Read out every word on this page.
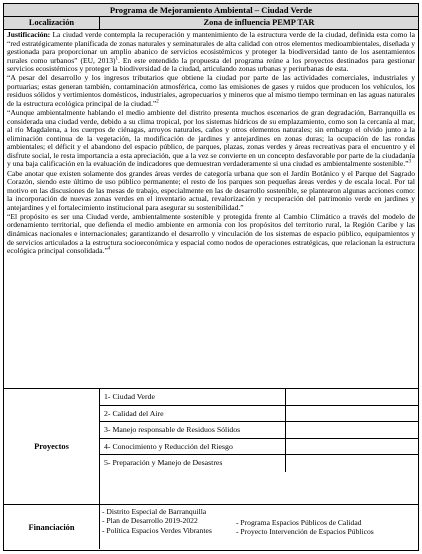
Programa de Mejoramiento Ambiental – Ciudad Verde
Localización	Zona de influencia PEMP TAR

Justificación: La ciudad verde contempla la recuperación y mantenimiento de la estructura verde de la ciudad, definida esta como la “red estratégicamente planificada de zonas naturales y seminaturales de alta calidad con otros elementos medioambientales, diseñada y gestionada para proporcionar un amplio abanico de servicios ecosistémicos y proteger la biodiversidad tanto de los asentamientos rurales como urbanos” (EU, 2013)$^1$. En este entendido la propuesta del programa reúne a los proyectos destinados para gestionar servicios ecosistémicos y proteger la biodiversidad de la ciudad, articulando zonas urbanas y periurbanas de esta.

“A pesar del desarrollo y los ingresos tributarios que obtiene la ciudad por parte de las actividades comerciales, industriales y portuarias; estas generan también, contaminación atmosférica, como las emisiones de gases y ruidos que producen los vehículos, los residuos sólidos y vertimientos domésticos, industriales, agropecuarios y mineros que al mismo tiempo terminan en las aguas naturales de la estructura ecológica principal de la ciudad.”$^2$

“Aunque ambientalmente hablando el medio ambiente del distrito presenta muchos escenarios de gran degradación, Barranquilla es considerada una ciudad verde, debido a su clima tropical, por los sistemas hídricos de su emplazamiento, como son la cercanía al mar, al río Magdalena, a los cuerpos de ciénagas, arroyos naturales, caños y otros elementos naturales; sin embargo el olvido junto a la eliminación continua de la vegetación, la modificación de jardines y antejardines en zonas duras; la ocupación de las rondas ambientales; el déficit y el abandono del espacio público, de parques, plazas, zonas verdes y áreas recreativas para el encuentro y el disfrute social, le resta importancia a esta apreciación, que a la vez se convierte en un concepto desfavorable por parte de la ciudadanía y una baja calificación en la evaluación de indicadores que demuestran verdaderamente si una ciudad es ambientalmente sostenible.”$^3$

Cabe anotar que existen solamente dos grandes áreas verdes de categoría urbana que son el Jardín Botánico y el Parque del Sagrado Corazón, siendo este último de uso público permanente; el resto de los parques son pequeñas áreas verdes y de escala local. Por tal motivo en las discusiones de las mesas de trabajo, especialmente en las de desarrollo sostenible, se plantearon algunas acciones como: la incorporación de nuevas zonas verdes en el inventario actual, revalorización y recuperación del patrimonio verde en jardines y antejardines y el fortalecimiento institucional para asegurar su sostenibilidad.”

“El propósito es ser una Ciudad verde, ambientalmente sostenible y protegida frente al Cambio Climático a través del modelo de ordenamiento territorial, que defienda el medio ambiente en armonía con los propósitos del territorio rural, la Región Caribe y las dinámicas nacionales e internacionales; garantizando el desarrollo y vinculación de los sistemas de espacio público, equipamientos y de servicios articulados a la estructura socioeconómica y espacial como nodos de operaciones estratégicas, que relacionan la estructura ecológica principal consolidada.”$^4$

Proyectos
1- Ciudad Verde
2- Calidad del Aire
3- Manejo responsable de Residuos Sólidos
4- Conocimiento y Reducción del Riesgo
5- Preparación y Manejo de Desastres
Financiación
- Distrito Especial de Barranquilla
- Plan de Desarrollo 2019-2022
- Política Espacios Verdes Vibrantes
- Programa Espacios Públicos de Calidad
- Proyecto Intervención de Espacios Públicos
